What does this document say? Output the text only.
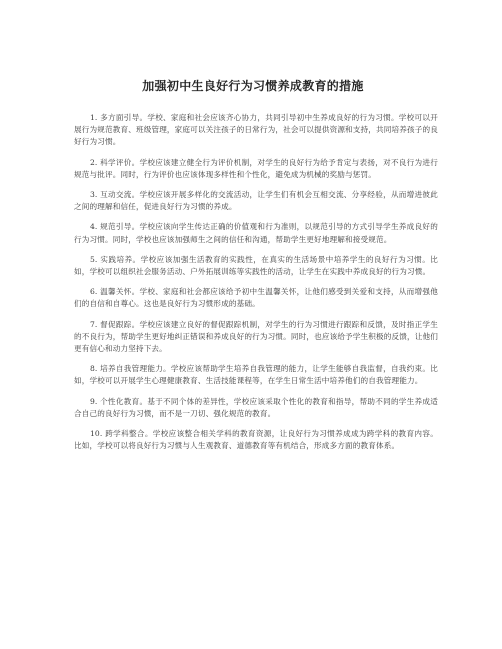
加强初中生良好行为习惯养成教育的措施

1. 多方面引导。学校、家庭和社会应该齐心协力，共同引导初中生养成良好的行为习惯。学校可以开展行为规范教育、班级管理，家庭可以关注孩子的日常行为，社会可以提供资源和支持，共同培养孩子的良好行为习惯。

2. 科学评价。学校应该建立健全行为评价机制，对学生的良好行为给予肯定与表扬，对不良行为进行规范与批评。同时，行为评价也应该体现多样性和个性化，避免成为机械的奖励与惩罚。

3. 互动交流。学校应该开展多样化的交流活动，让学生们有机会互相交流、分享经验，从而增进彼此之间的理解和信任，促进良好行为习惯的养成。

4. 规范引导。学校应该向学生传达正确的价值观和行为准则，以规范引导的方式引导学生养成良好的行为习惯。同时，学校也应该加强师生之间的信任和沟通，帮助学生更好地理解和接受规范。

5. 实践培养。学校应该加强生活教育的实践性，在真实的生活场景中培养学生的良好行为习惯。比如，学校可以组织社会服务活动、户外拓展训练等实践性的活动，让学生在实践中养成良好的行为习惯。

6. 温馨关怀。学校、家庭和社会都应该给予初中生温馨关怀，让他们感受到关爱和支持，从而增强他们的自信和自尊心。这也是良好行为习惯形成的基础。

7. 督促跟踪。学校应该建立良好的督促跟踪机制，对学生的行为习惯进行跟踪和反馈，及时指正学生的不良行为，帮助学生更好地纠正错误和养成良好的行为习惯。同时，也应该给予学生积极的反馈，让他们更有信心和动力坚持下去。

8. 培养自我管理能力。学校应该帮助学生培养自我管理的能力，让学生能够自我监督，自我约束。比如，学校可以开展学生心理健康教育、生活技能课程等，在学生日常生活中培养他们的自我管理能力。

9. 个性化教育。基于不同个体的差异性，学校应该采取个性化的教育和指导，帮助不同的学生养成适合自己的良好行为习惯，而不是一刀切、强化规范的教育。

10. 跨学科整合。学校应该整合相关学科的教育资源，让良好行为习惯养成成为跨学科的教育内容。比如，学校可以将良好行为习惯与人生观教育、道德教育等有机结合，形成多方面的教育体系。
